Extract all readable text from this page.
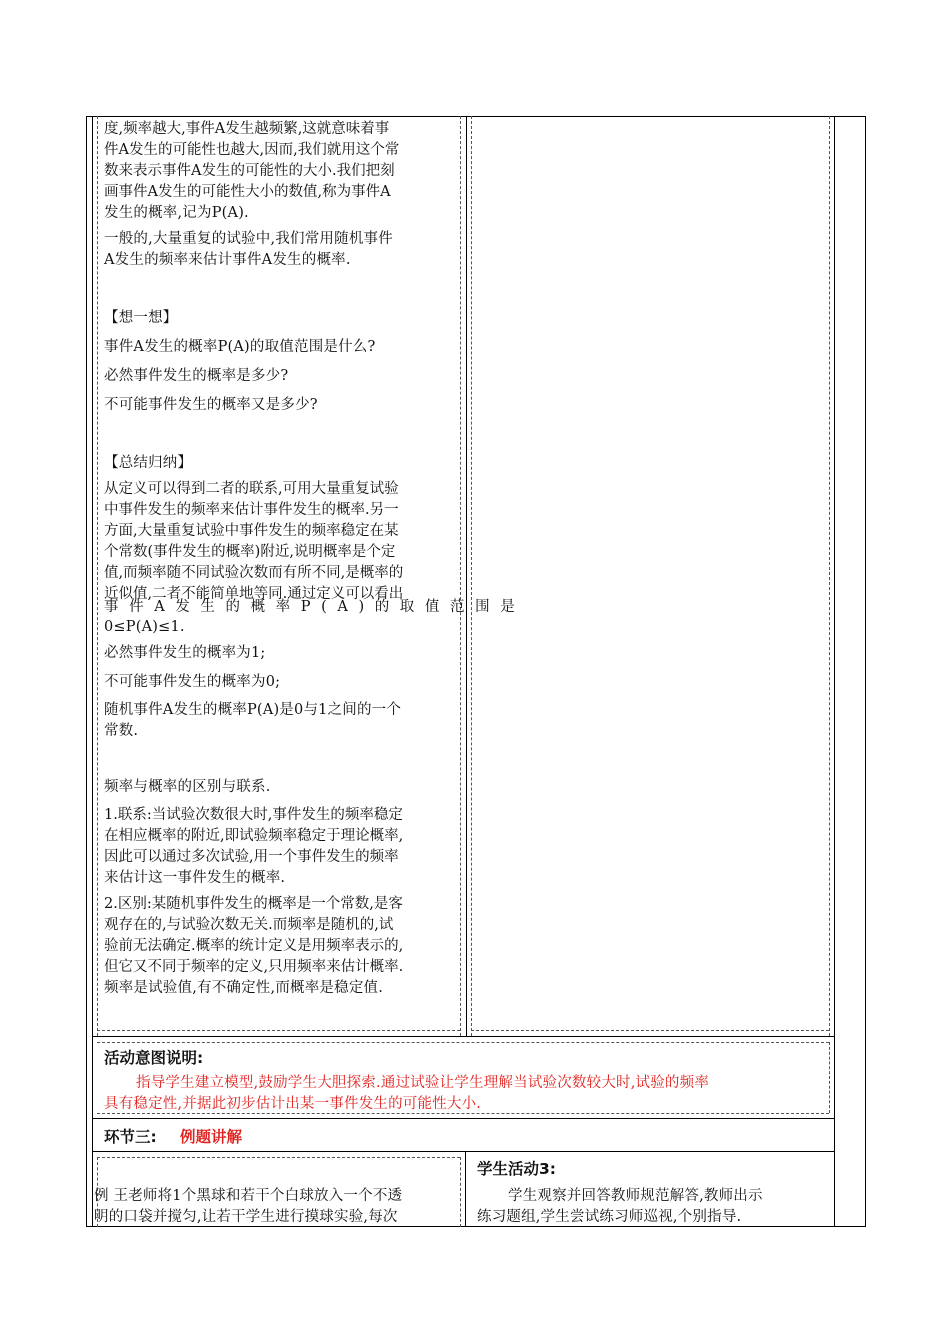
度,频率越大,事件A发生越频繁,这就意味着事
件A发生的可能性也越大,因而,我们就用这个常
数来表示事件A发生的可能性的大小.我们把刻
画事件A发生的可能性大小的数值,称为事件A
发生的概率,记为P(A).
一般的,大量重复的试验中,我们常用随机事件
A发生的频率来估计事件A发生的概率.
【想一想】
事件A发生的概率P(A)的取值范围是什么?
必然事件发生的概率是多少?
不可能事件发生的概率又是多少?
【总结归纳】
从定义可以得到二者的联系,可用大量重复试验
中事件发生的频率来估计事件发生的概率.另一
方面,大量重复试验中事件发生的频率稳定在某
个常数(事件发生的概率)附近,说明概率是个定
值,而频率随不同试验次数而有所不同,是概率的
近似值,二者不能简单地等同.通过定义可以看出
事件A发生的概率P(A)的取值范围是
0≤P(A)≤1.
必然事件发生的概率为1;
不可能事件发生的概率为0;
随机事件A发生的概率P(A)是0与1之间的一个
常数.
频率与概率的区别与联系.
1.联系:当试验次数很大时,事件发生的频率稳定
在相应概率的附近,即试验频率稳定于理论概率,
因此可以通过多次试验,用一个事件发生的频率
来估计这一事件发生的概率.
2.区别:某随机事件发生的概率是一个常数,是客
观存在的,与试验次数无关.而频率是随机的,试
验前无法确定.概率的统计定义是用频率表示的,
但它又不同于频率的定义,只用频率来估计概率.
频率是试验值,有不确定性,而概率是稳定值.
活动意图说明:
指导学生建立模型,鼓励学生大胆探索.通过试验让学生理解当试验次数较大时,试验的频率
具有稳定性,并据此初步估计出某一事件发生的可能性大小.
环节三: 例题讲解
例 王老师将1个黑球和若干个白球放入一个不透
明的口袋并搅匀,让若干学生进行摸球实验,每次
学生活动3:
学生观察并回答教师规范解答,教师出示
练习题组,学生尝试练习师巡视,个别指导.
